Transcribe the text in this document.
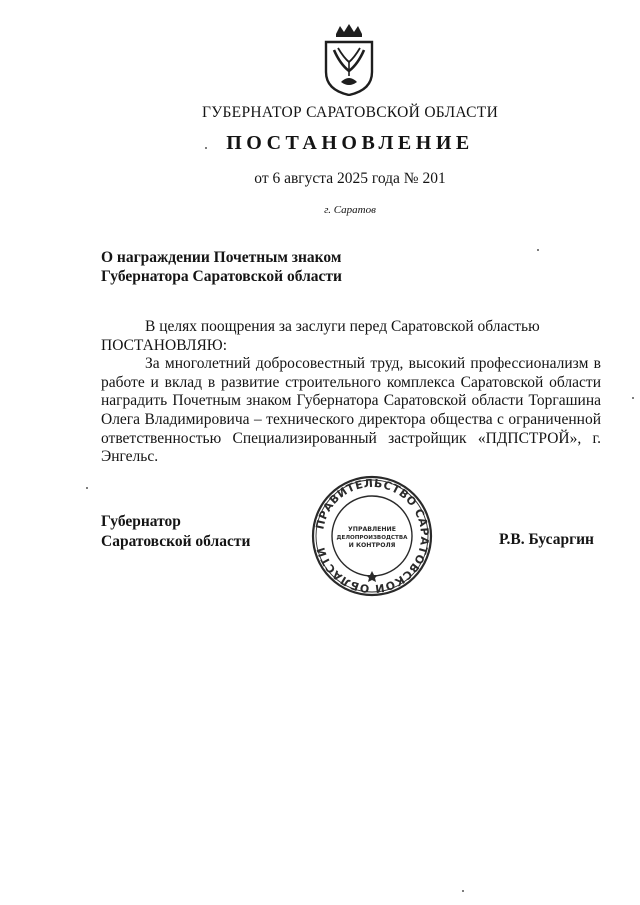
ГУБЕРНАТОР САРАТОВСКОЙ ОБЛАСТИ
ПОСТАНОВЛЕНИЕ
от 6 августа 2025 года № 201
г. Саратов
О награждении Почетным знаком
Губернатора Саратовской области

В целях поощрения за заслуги перед Саратовской областью

ПОСТАНОВЛЯЮ:

За многолетний добросовестный труд, высокий профессионализм в работе и вклад в развитие строительного комплекса Саратовской области наградить Почетным знаком Губернатора Саратовской области Торгашина Олега Владимировича – технического директора общества с ограниченной ответственностью Специализированный застройщик «ПДПСТРОЙ», г. Энгельс.

Губернатор
Саратовской области
ПРАВИТЕЛЬСТВО САРАТОВСКОЙ ОБЛАСТИ
УПРАВЛЕНИЕ
ДЕЛОПРОИЗВОДСТВА
И КОНТРОЛЯ	Р.В. Бусаргин
